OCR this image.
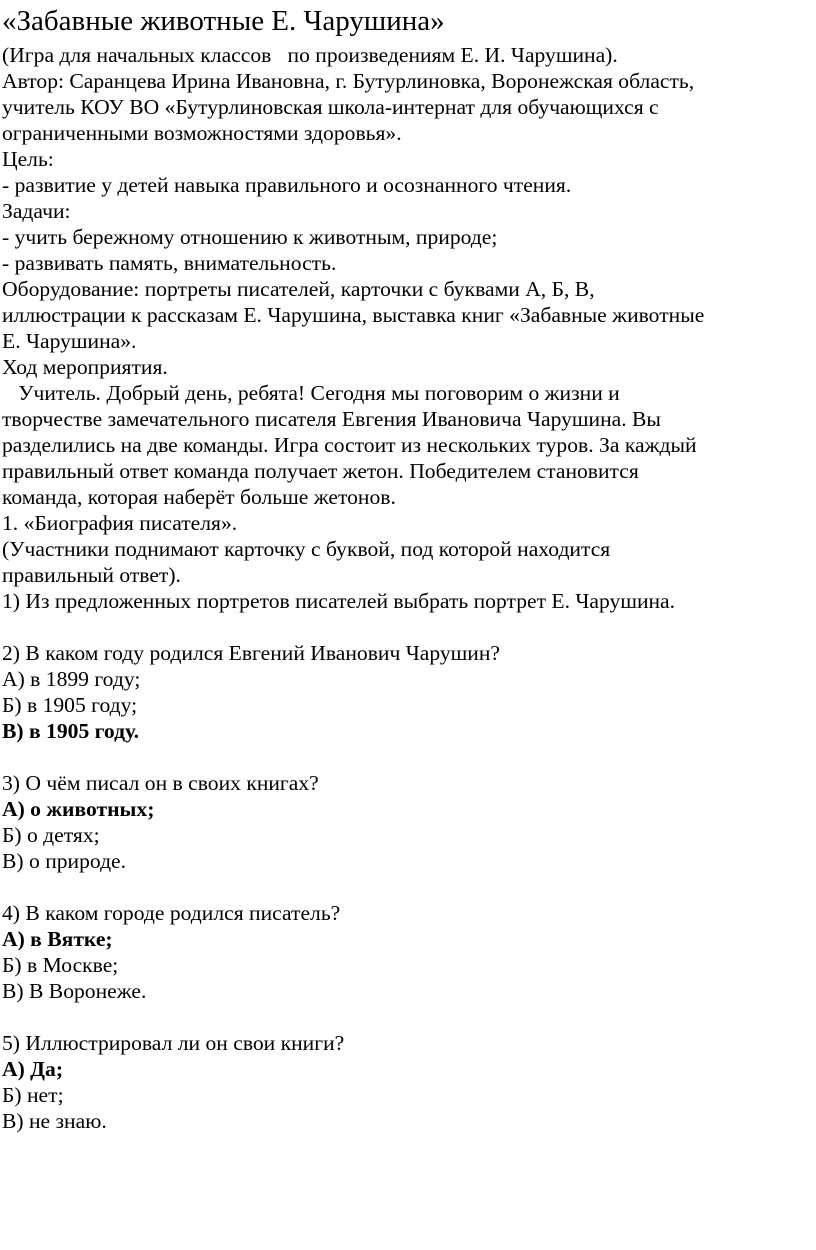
«Забавные животные Е. Чарушина»
(Игра для начальных классов   по произведениям Е. И. Чарушина).
Автор: Саранцева Ирина Ивановна, г. Бутурлиновка, Воронежская область,
учитель КОУ ВО «Бутурлиновская школа-интернат для обучающихся с
ограниченными возможностями здоровья».
Цель:
- развитие у детей навыка правильного и осознанного чтения.
Задачи:
- учить бережному отношению к животным, природе;
- развивать память, внимательность.
Оборудование: портреты писателей, карточки с буквами А, Б, В,
иллюстрации к рассказам Е. Чарушина, выставка книг «Забавные животные
Е. Чарушина».
Ход мероприятия.
Учитель. Добрый день, ребята! Сегодня мы поговорим о жизни и
творчестве замечательного писателя Евгения Ивановича Чарушина. Вы
разделились на две команды. Игра состоит из нескольких туров. За каждый
правильный ответ команда получает жетон. Победителем становится
команда, которая наберёт больше жетонов.
1. «Биография писателя».
(Участники поднимают карточку с буквой, под которой находится
правильный ответ).
1) Из предложенных портретов писателей выбрать портрет Е. Чарушина.
2) В каком году родился Евгений Иванович Чарушин?
А) в 1899 году;
Б) в 1905 году;
В) в 1905 году.
3) О чём писал он в своих книгах?
А) о животных;
Б) о детях;
В) о природе.
4) В каком городе родился писатель?
А) в Вятке;
Б) в Москве;
В) В Воронеже.
5) Иллюстрировал ли он свои книги?
А) Да;
Б) нет;
В) не знаю.
